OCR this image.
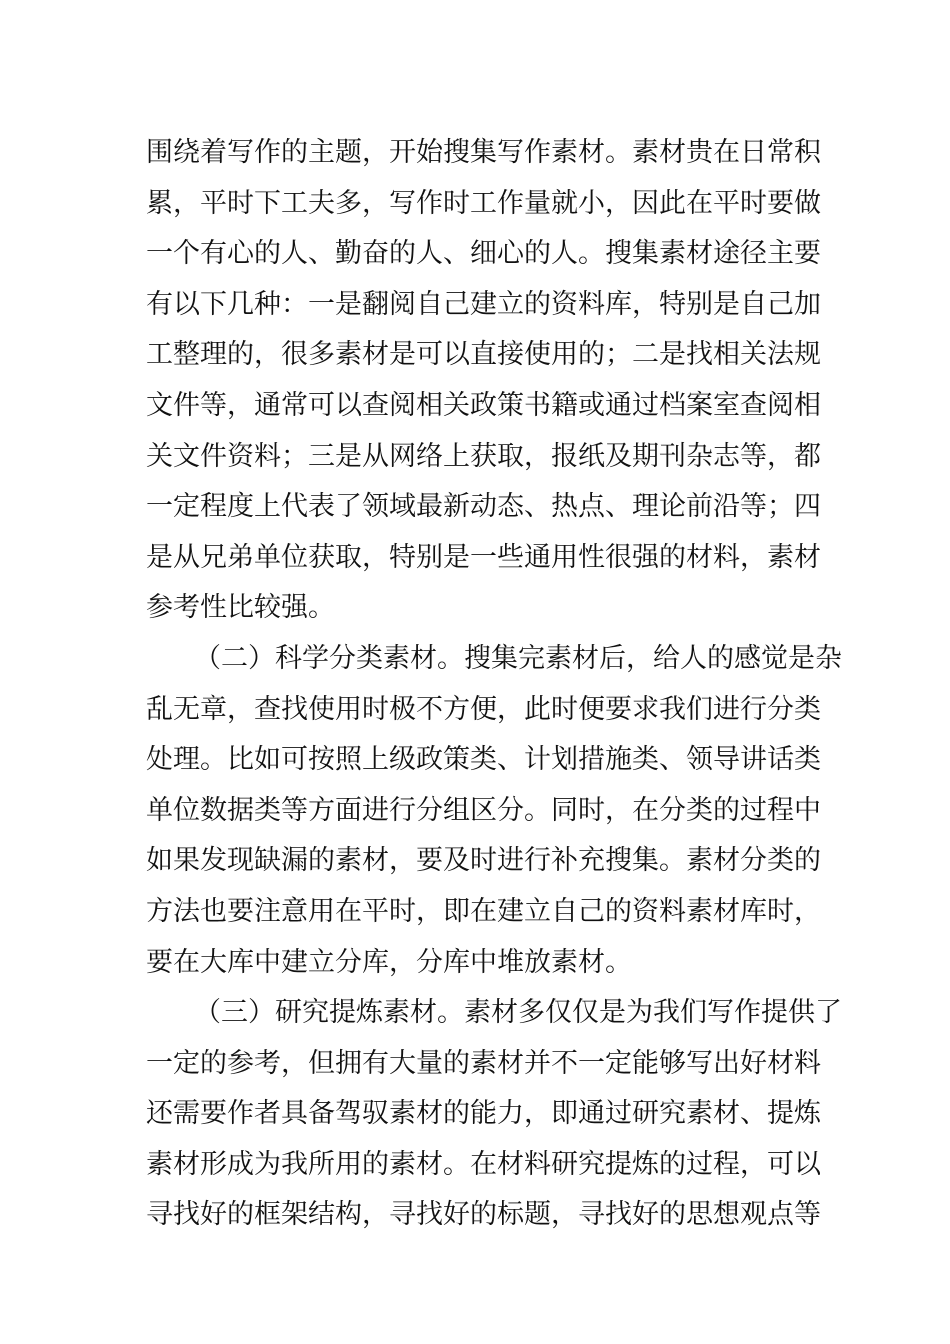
围绕着写作的主题，开始搜集写作素材。素材贵在日常积
累，平时下工夫多，写作时工作量就小，因此在平时要做
一个有心的人、勤奋的人、细心的人。搜集素材途径主要
有以下几种：一是翻阅自己建立的资料库，特别是自己加
工整理的，很多素材是可以直接使用的；二是找相关法规
文件等，通常可以查阅相关政策书籍或通过档案室查阅相
关文件资料；三是从网络上获取，报纸及期刊杂志等，都
一定程度上代表了领域最新动态、热点、理论前沿等；四
是从兄弟单位获取，特别是一些通用性很强的材料，素材
参考性比较强。
（二）科学分类素材。搜集完素材后，给人的感觉是杂
乱无章，查找使用时极不方便，此时便要求我们进行分类
处理。比如可按照上级政策类、计划措施类、领导讲话类
单位数据类等方面进行分组区分。同时，在分类的过程中
如果发现缺漏的素材，要及时进行补充搜集。素材分类的
方法也要注意用在平时，即在建立自己的资料素材库时，
要在大库中建立分库，分库中堆放素材。
（三）研究提炼素材。素材多仅仅是为我们写作提供了
一定的参考，但拥有大量的素材并不一定能够写出好材料
还需要作者具备驾驭素材的能力，即通过研究素材、提炼
素材形成为我所用的素材。在材料研究提炼的过程，可以
寻找好的框架结构，寻找好的标题，寻找好的思想观点等
